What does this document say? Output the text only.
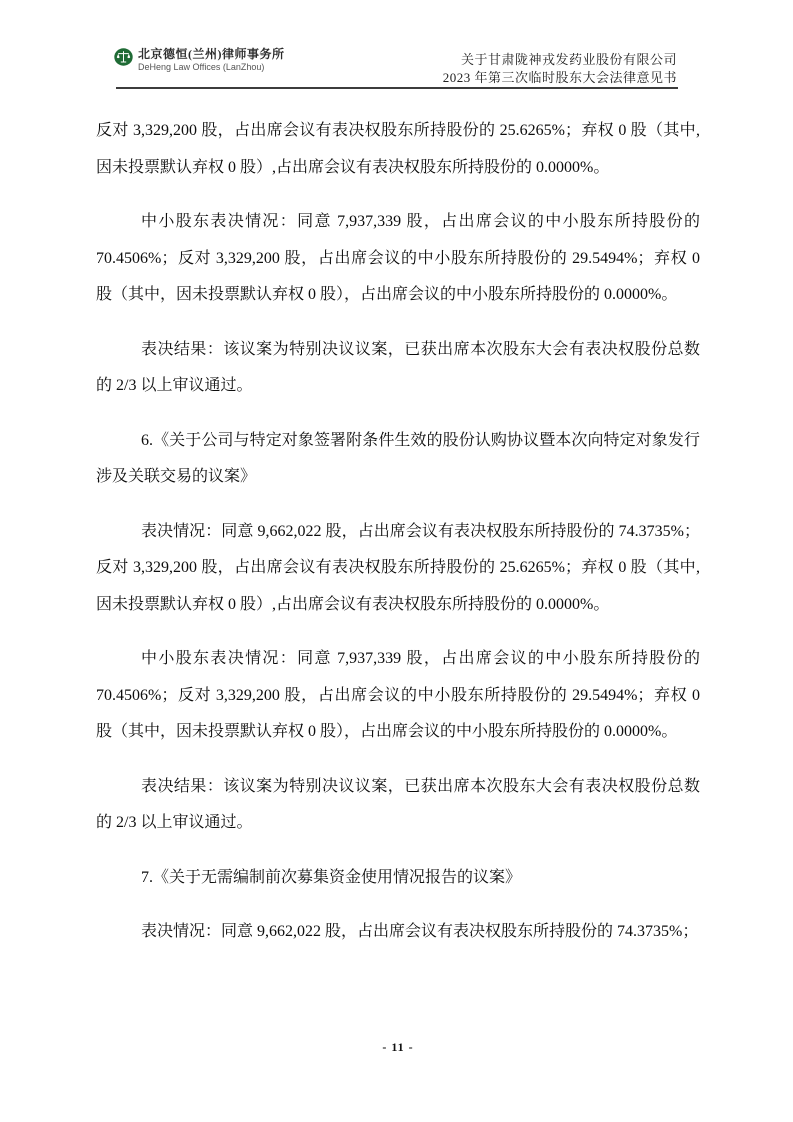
北京德恒(兰州)律师事务所
DeHeng Law Offices (LanZhou)	关于甘肃陇神戎发药业股份有限公司
2023 年第三次临时股东大会法律意见书

反对 3,329,200 股，占出席会议有表决权股东所持股份的 25.6265%；弃权 0 股（其中,因未投票默认弃权 0 股）,占出席会议有表决权股东所持股份的 0.0000%。

中小股东表决情况：同意 7,937,339 股，占出席会议的中小股东所持股份的 70.4506%；反对 3,329,200 股，占出席会议的中小股东所持股份的 29.5494%；弃权 0 股（其中，因未投票默认弃权 0 股），占出席会议的中小股东所持股份的 0.0000%。

表决结果：该议案为特别决议议案，已获出席本次股东大会有表决权股份总数的 2/3 以上审议通过。

6.《关于公司与特定对象签署附条件生效的股份认购协议暨本次向特定对象发行涉及关联交易的议案》

表决情况：同意 9,662,022 股，占出席会议有表决权股东所持股份的 74.3735%；反对 3,329,200 股，占出席会议有表决权股东所持股份的 25.6265%；弃权 0 股（其中,因未投票默认弃权 0 股）,占出席会议有表决权股东所持股份的 0.0000%。

中小股东表决情况：同意 7,937,339 股，占出席会议的中小股东所持股份的 70.4506%；反对 3,329,200 股，占出席会议的中小股东所持股份的 29.5494%；弃权 0 股（其中，因未投票默认弃权 0 股），占出席会议的中小股东所持股份的 0.0000%。

表决结果：该议案为特别决议议案，已获出席本次股东大会有表决权股份总数的 2/3 以上审议通过。

7.《关于无需编制前次募集资金使用情况报告的议案》

表决情况：同意 9,662,022 股，占出席会议有表决权股东所持股份的 74.3735%；

- 11 -
